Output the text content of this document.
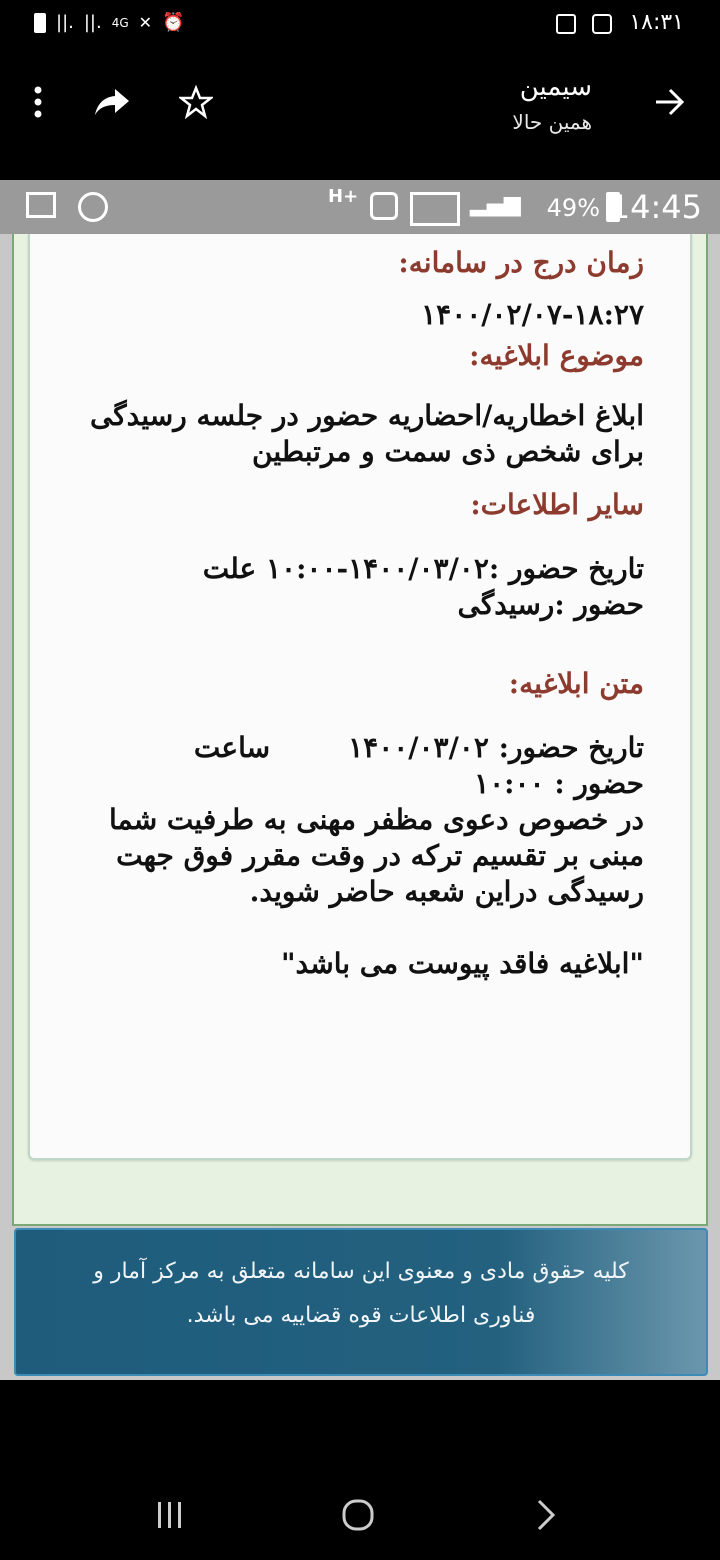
||. ||. 4G ✕ ⏰	۱۸:۳۱
سیمین
همین حالا
H+	▂▄▆ 49% 14:45
زمان درج در سامانه:
۱۴۰۰/۰۲/۰۷-۱۸:۲۷
موضوع ابلاغیه:
ابلاغ اخطاریه/احضاریه حضور در جلسه رسیدگی برای شخص ذی سمت و مرتبطین
سایر اطلاعات:
تاریخ حضور :۱۴۰۰/۰۳/۰۲-۱۰:۰۰ علت
حضور :رسیدگی
متن ابلاغیه:
تاریخ حضور: ۱۴۰۰/۰۳/۰۲        ساعت
حضور : ۱۰:۰۰
در خصوص دعوی مظفر مهنی به طرفیت شما
مبنی بر تقسیم ترکه در وقت مقرر فوق جهت
رسیدگی دراین شعبه حاضر شوید.
"ابلاغیه فاقد پیوست می باشد"
کلیه حقوق مادی و معنوی این سامانه متعلق به مرکز آمار و
فناوری اطلاعات قوه قضاییه می باشد.
